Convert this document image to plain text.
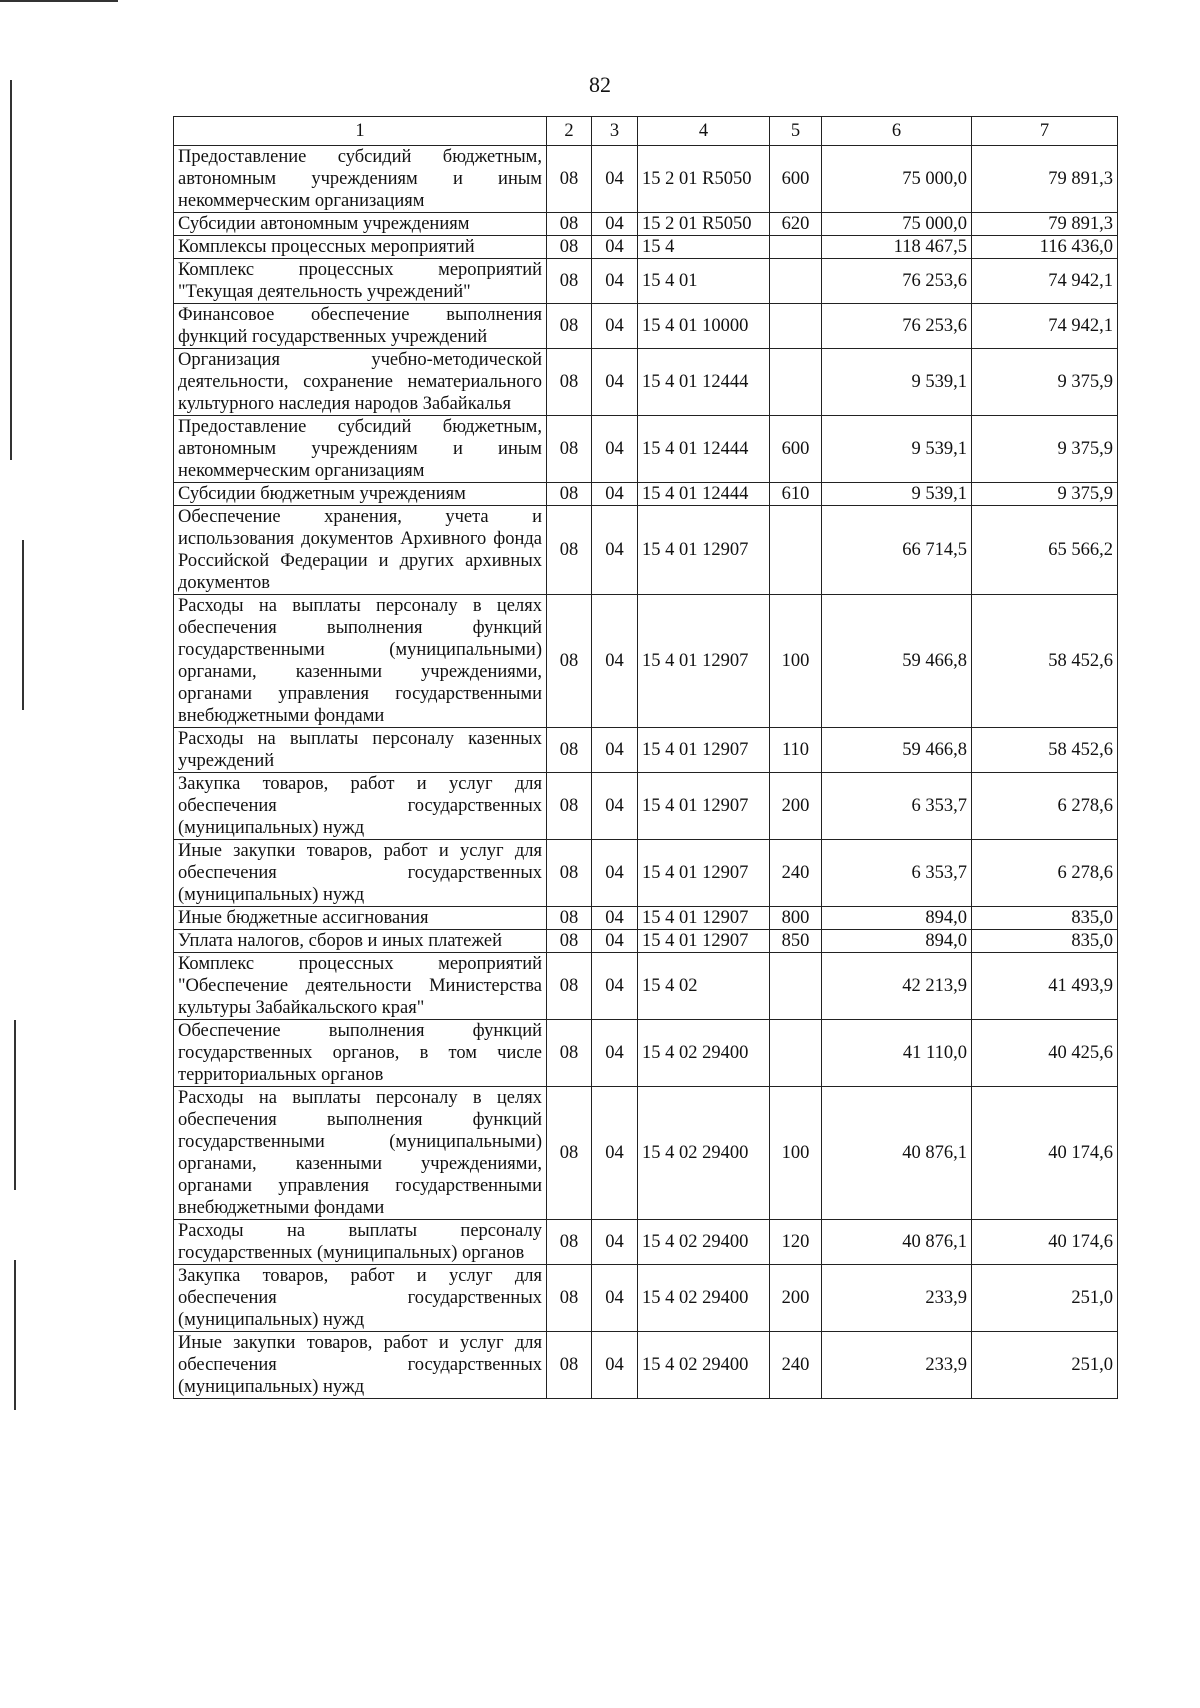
82
1	2	3	4	5	6	7
Предоставление субсидий бюджетным, автономным учреждениям и иным некоммерческим организациям	08	04	15 2 01 R5050	600	75 000,0	79 891,3
Субсидии автономным учреждениям	08	04	15 2 01 R5050	620	75 000,0	79 891,3
Комплексы процессных мероприятий	08	04	15 4		118 467,5	116 436,0
Комплекс процессных мероприятий "Текущая деятельность учреждений"	08	04	15 4 01		76 253,6	74 942,1
Финансовое обеспечение выполнения функций государственных учреждений	08	04	15 4 01 10000		76 253,6	74 942,1
Организация учебно-методической деятельности, сохранение нематериального культурного наследия народов Забайкалья	08	04	15 4 01 12444		9 539,1	9 375,9
Предоставление субсидий бюджетным, автономным учреждениям и иным некоммерческим организациям	08	04	15 4 01 12444	600	9 539,1	9 375,9
Субсидии бюджетным учреждениям	08	04	15 4 01 12444	610	9 539,1	9 375,9
Обеспечение хранения, учета и использования документов Архивного фонда Российской Федерации и других архивных документов	08	04	15 4 01 12907		66 714,5	65 566,2
Расходы на выплаты персоналу в целях обеспечения выполнения функций государственными (муниципальными) органами, казенными учреждениями, органами управления государственными внебюджетными фондами	08	04	15 4 01 12907	100	59 466,8	58 452,6
Расходы на выплаты персоналу казенных учреждений	08	04	15 4 01 12907	110	59 466,8	58 452,6
Закупка товаров, работ и услуг для обеспечения государственных (муниципальных) нужд	08	04	15 4 01 12907	200	6 353,7	6 278,6
Иные закупки товаров, работ и услуг для обеспечения государственных (муниципальных) нужд	08	04	15 4 01 12907	240	6 353,7	6 278,6
Иные бюджетные ассигнования	08	04	15 4 01 12907	800	894,0	835,0
Уплата налогов, сборов и иных платежей	08	04	15 4 01 12907	850	894,0	835,0
Комплекс процессных мероприятий "Обеспечение деятельности Министерства культуры Забайкальского края"	08	04	15 4 02		42 213,9	41 493,9
Обеспечение выполнения функций государственных органов, в том числе территориальных органов	08	04	15 4 02 29400		41 110,0	40 425,6
Расходы на выплаты персоналу в целях обеспечения выполнения функций государственными (муниципальными) органами, казенными учреждениями, органами управления государственными внебюджетными фондами	08	04	15 4 02 29400	100	40 876,1	40 174,6
Расходы на выплаты персоналу государственных (муниципальных) органов	08	04	15 4 02 29400	120	40 876,1	40 174,6
Закупка товаров, работ и услуг для обеспечения государственных (муниципальных) нужд	08	04	15 4 02 29400	200	233,9	251,0
Иные закупки товаров, работ и услуг для обеспечения государственных (муниципальных) нужд	08	04	15 4 02 29400	240	233,9	251,0
